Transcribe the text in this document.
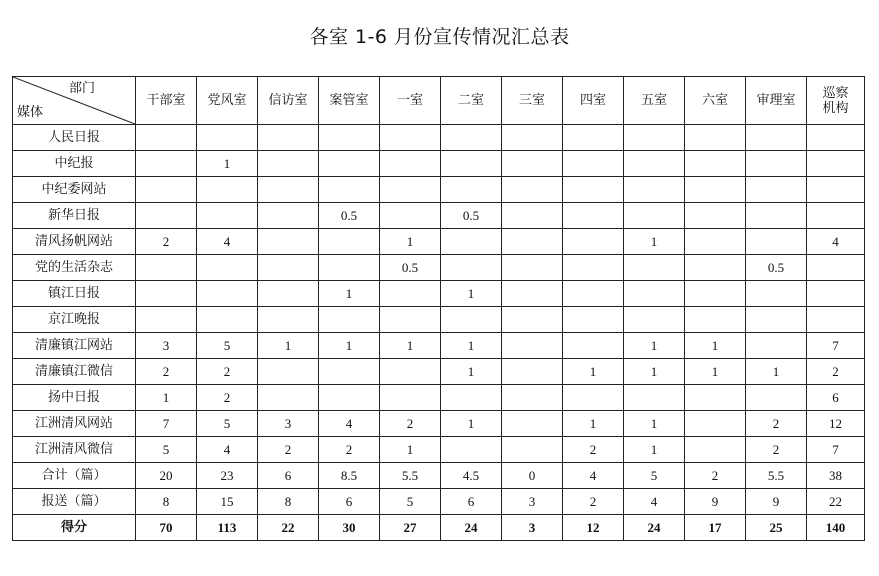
各室 1-6 月份宣传情况汇总表
部门
媒体	干部室	党风室	信访室	案管室	一室	二室	三室	四室	五室	六室	审理室	巡察
机构

人民日报												
中纪报		1										
中纪委网站												
新华日报				0.5		0.5						
清风扬帆网站	2	4			1				1			4
党的生活杂志					0.5						0.5	
镇江日报				1		1						
京江晚报												
清廉镇江网站	3	5	1	1	1	1			1	1		7
清廉镇江微信	2	2				1		1	1	1	1	2
扬中日报	1	2										6
江洲清风网站	7	5	3	4	2	1		1	1		2	12
江洲清风微信	5	4	2	2	1			2	1		2	7
合计（篇）	20	23	6	8.5	5.5	4.5	0	4	5	2	5.5	38
报送（篇）	8	15	8	6	5	6	3	2	4	9	9	22
得分	70	113	22	30	27	24	3	12	24	17	25	140
